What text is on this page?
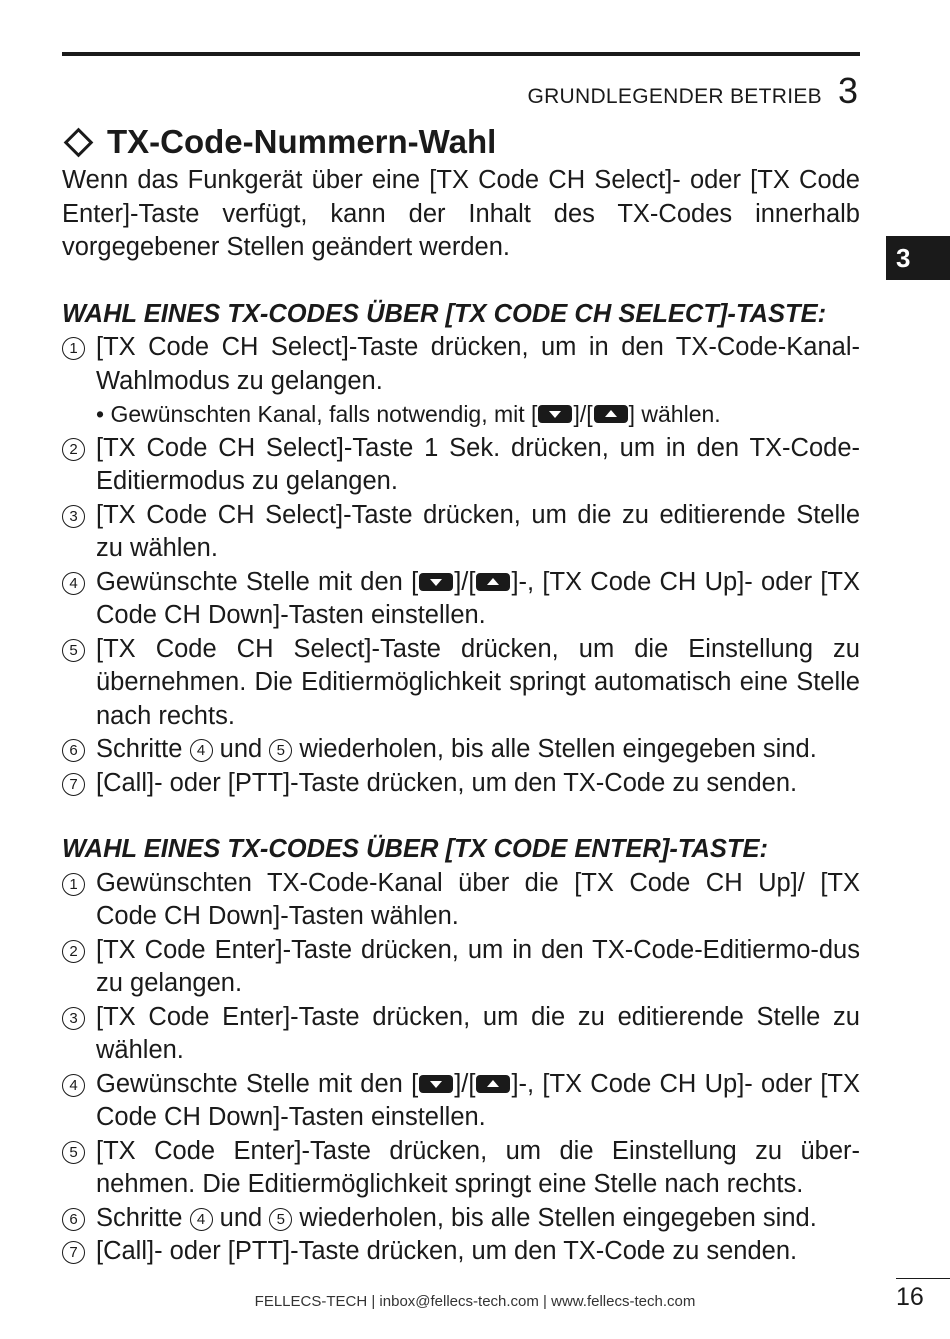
GRUNDLEGENDER BETRIEB 3
3
TX-Code-Nummern-Wahl

Wenn das Funkgerät über eine [TX Code CH Select]- oder [TX Code Enter]-Taste verfügt, kann der Inhalt des TX-Codes innerhalb vorgegebener Stellen geändert werden.

WAHL EINES TX-CODES ÜBER [TX CODE CH SELECT]-TASTE:
1 [TX Code CH Select]-Taste drücken, um in den TX-Code-Kanal-Wahlmodus zu gelangen.
• Gewünschten Kanal, falls notwendig, mit [ ]/[ ] wählen.
2 [TX Code CH Select]-Taste 1 Sek. drücken, um in den TX-Code-Editiermodus zu gelangen.
3 [TX Code CH Select]-Taste drücken, um die zu editierende Stelle zu wählen.
4 Gewünschte Stelle mit den [ ]/[ ]-, [TX Code CH Up]- oder [TX Code CH Down]-Tasten einstellen.
5 [TX Code CH Select]-Taste drücken, um die Einstellung zu übernehmen. Die Editiermöglichkeit springt automatisch eine Stelle nach rechts.
6 Schritte 4 und 5 wiederholen, bis alle Stellen eingegeben sind.
7 [Call]- oder [PTT]-Taste drücken, um den TX-Code zu senden.
WAHL EINES TX-CODES ÜBER [TX CODE ENTER]-TASTE:
1 Gewünschten TX-Code-Kanal über die [TX Code CH Up]/ [TX Code CH Down]-Tasten wählen.
2 [TX Code Enter]-Taste drücken, um in den TX-Code-Editiermo-dus zu gelangen.
3 [TX Code Enter]-Taste drücken, um die zu editierende Stelle zu wählen.
4 Gewünschte Stelle mit den [ ]/[ ]-, [TX Code CH Up]- oder [TX Code CH Down]-Tasten einstellen.
5 [TX Code Enter]-Taste drücken, um die Einstellung zu über-nehmen. Die Editiermöglichkeit springt eine Stelle nach rechts.
6 Schritte 4 und 5 wiederholen, bis alle Stellen eingegeben sind.
7 [Call]- oder [PTT]-Taste drücken, um den TX-Code zu senden.
FELLECS-TECH | inbox@fellecs-tech.com | www.fellecs-tech.com	16
